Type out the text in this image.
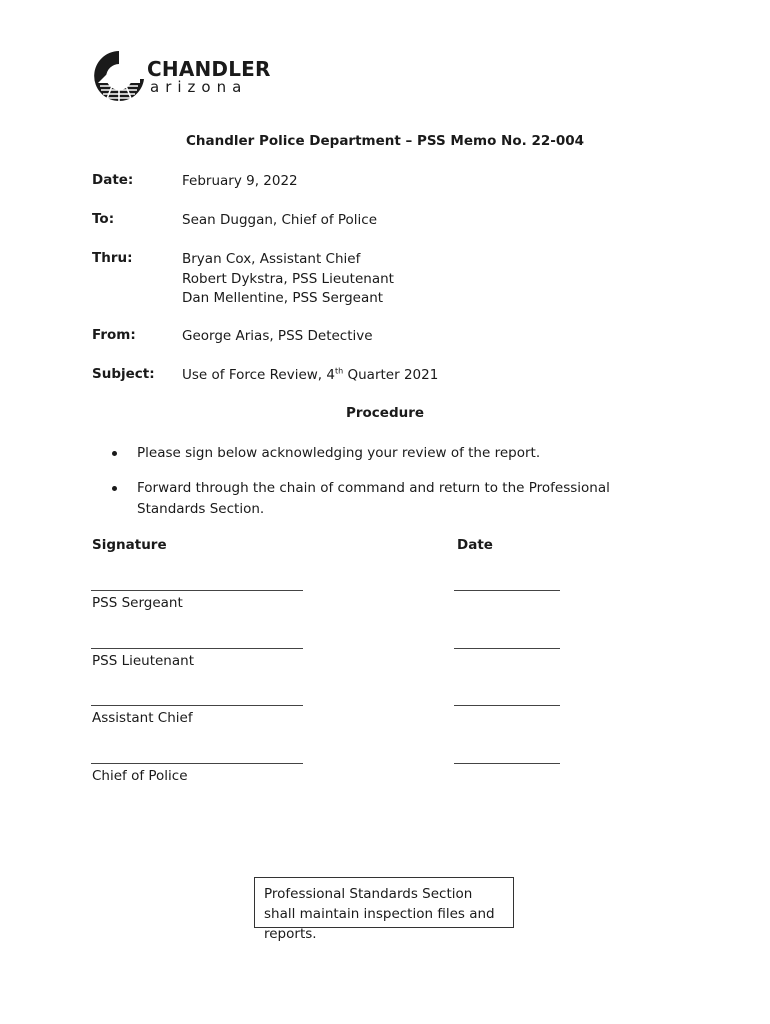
CHANDLER
arizona
Chandler Police Department – PSS Memo No. 22-004
Date:	February 9, 2022
To:	Sean Duggan, Chief of Police
Thru:	Bryan Cox, Assistant Chief
Robert Dykstra, PSS Lieutenant
Dan Mellentine, PSS Sergeant
From:	George Arias, PSS Detective
Subject: Use of Force Review, 4th Quarter 2021
Procedure
Please sign below acknowledging your review of the report.
Forward through the chain of command and return to the Professional Standards Section.
Signature	Date
PSS Sergeant
PSS Lieutenant
Assistant Chief
Chief of Police
Professional Standards Section shall maintain inspection files and reports.
